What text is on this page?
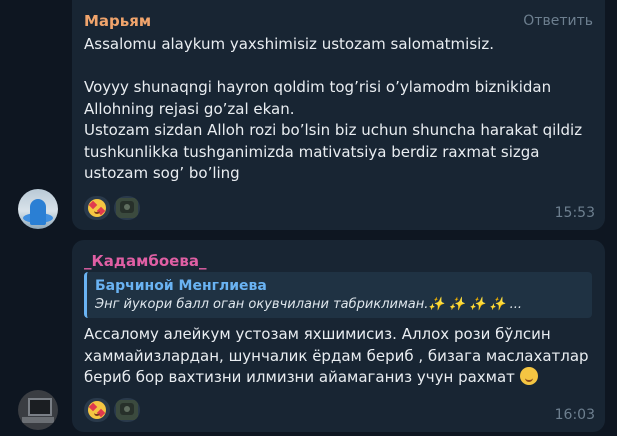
Марьям	Ответить
Assalomu alaykum yaxshimisiz ustozam salomatmisiz.

Voyyy shunaqngi hayron qoldim tog’risi o’ylamodm biznikidan Allohning rejasi go’zal ekan.
Ustozam sizdan Alloh rozi bo’lsin biz uchun shuncha harakat qildiz tushkunlikka tushganimizda mativatsiya berdiz raxmat sizga ustozam sog’ bo’ling
15:53
_Кадамбоева_
Барчиной Менглиева
Энг йукори балл оган окувчилани табриклиман.✨ ✨ ✨ ✨ ...
Ассалому алейкум устозам яхшимисиз. Аллох рози бўлсин хаммайизлардан, шунчалик ёрдам бериб , бизага маслахатлар бериб бор вахтизни илмизни айамаганиз учун рахмат
16:03
